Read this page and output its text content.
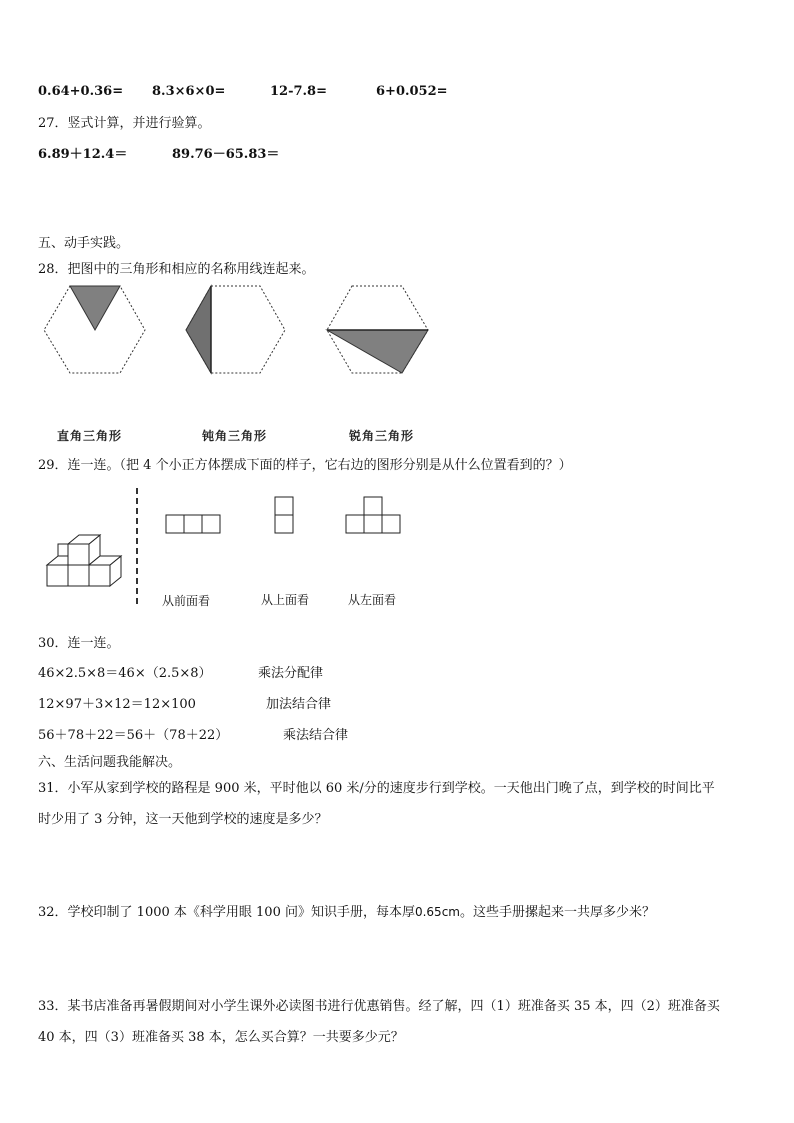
0.64+0.36= 8.3×6×0=	12-7.8=	6+0.052=
27．竖式计算，并进行验算。
6.89＋12.4＝	89.76－65.83＝
五、动手实践。
28．把图中的三角形和相应的名称用线连起来。
直角三角形	钝角三角形	锐角三角形
29．连一连。（把 4 个小正方体摆成下面的样子，它右边的图形分别是从什么位置看到的？）
从前面看	从上面看	从左面看
30．连一连。
46×2.5×8＝46×（2.5×8）	乘法分配律
12×97＋3×12＝12×100	加法结合律
56＋78＋22＝56＋（78＋22）	乘法结合律
六、生活问题我能解决。
31．小军从家到学校的路程是 900 米，平时他以 60 米/分的速度步行到学校。一天他出门晚了点，到学校的时间比平
时少用了 3 分钟，这一天他到学校的速度是多少？
32．学校印制了 1000 本《科学用眼 100 问》知识手册，每本厚0.65cm。这些手册摞起来一共厚多少米？
33．某书店准备再暑假期间对小学生课外必读图书进行优惠销售。经了解，四（1）班准备买 35 本，四（2）班准备买
40 本，四（3）班准备买 38 本，怎么买合算？一共要多少元？
